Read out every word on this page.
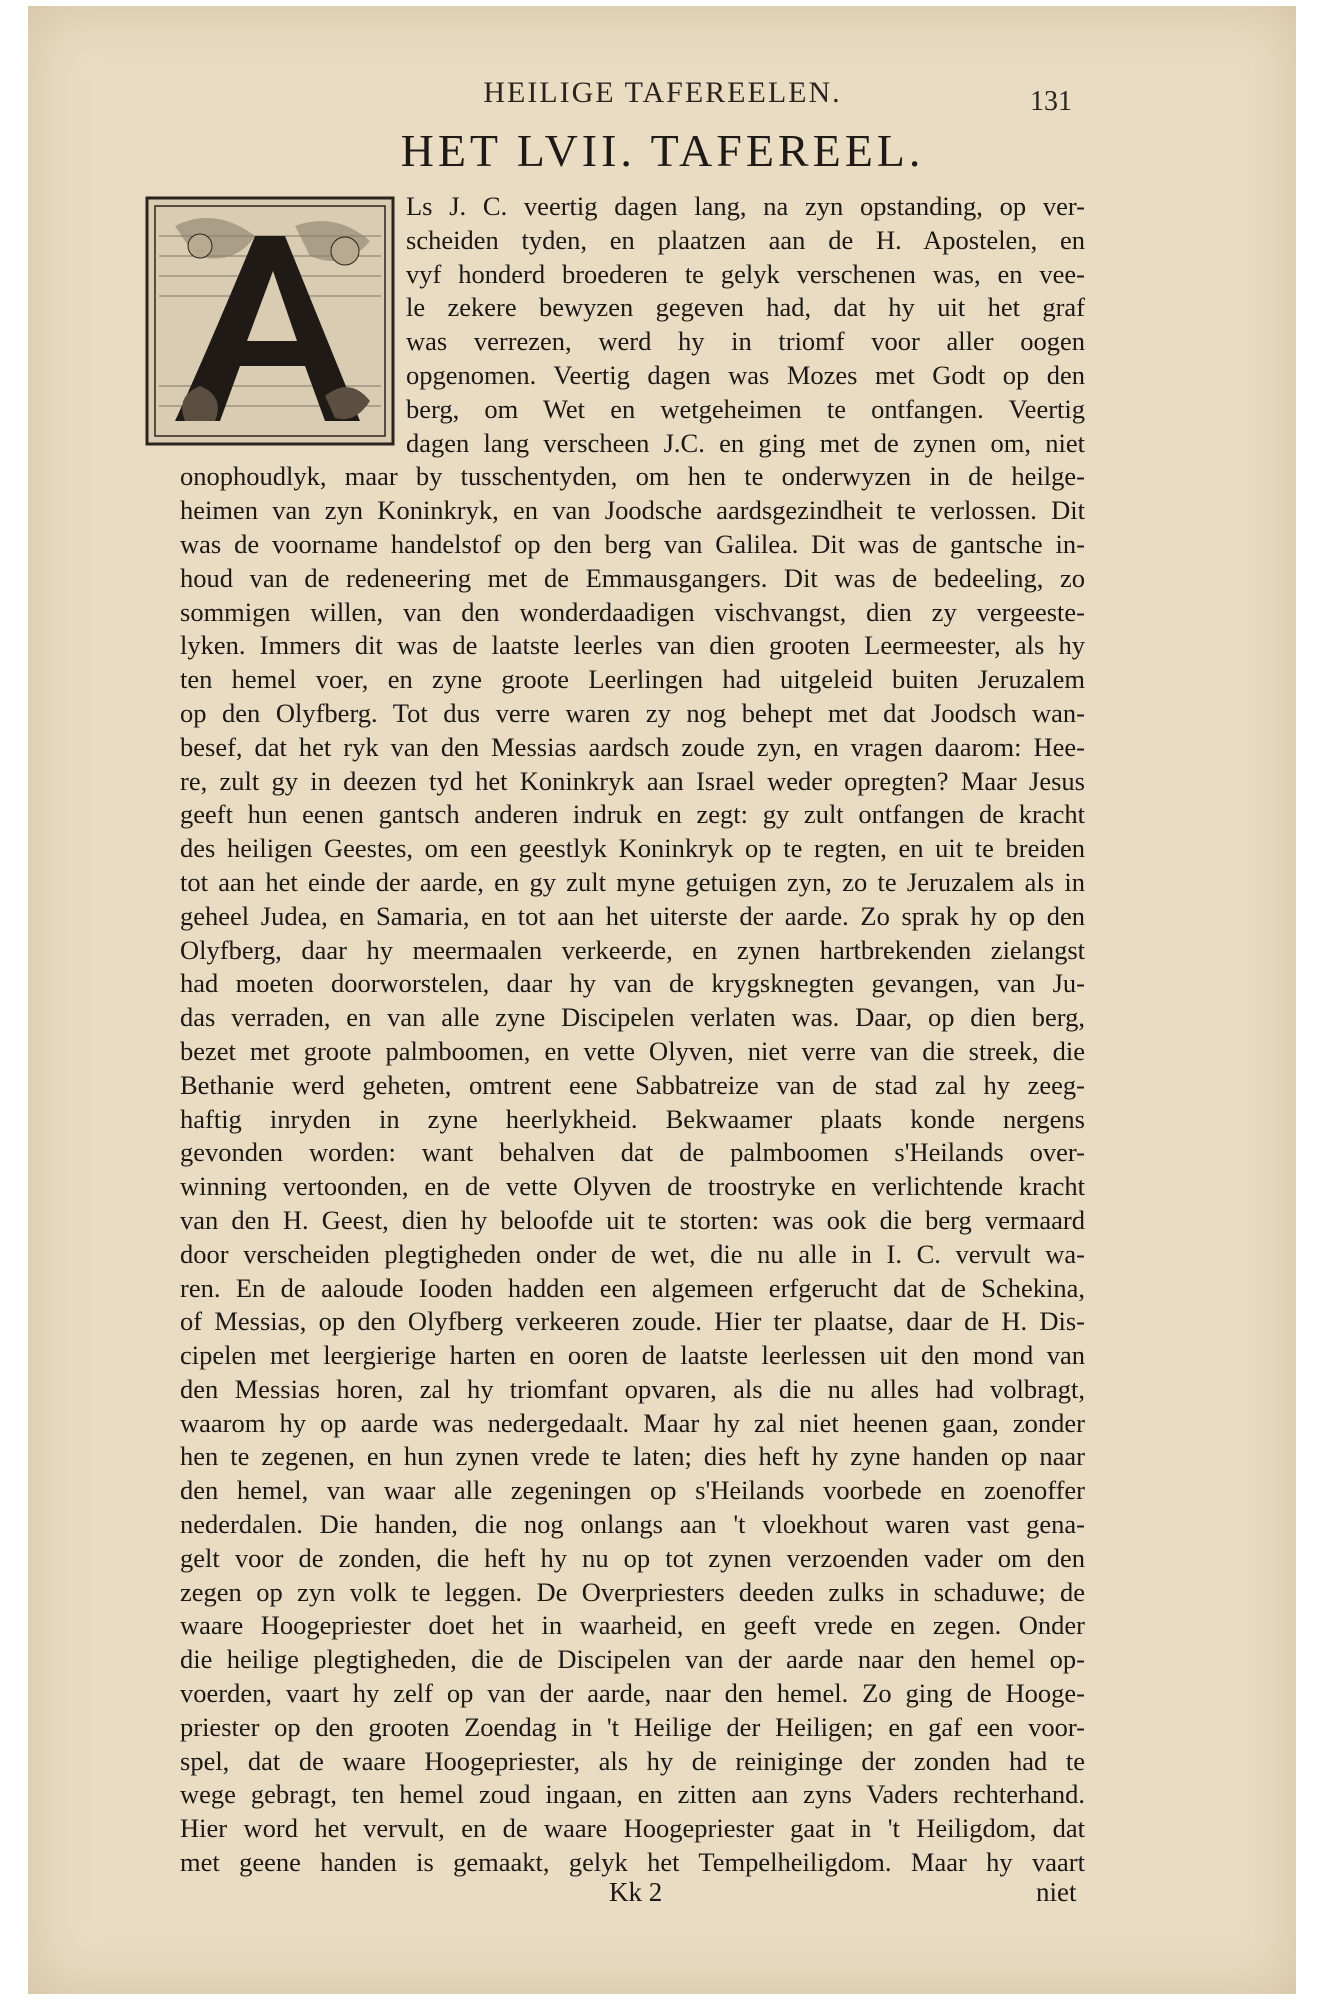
HEILIGE TAFEREELEN.	131
HET LVII. TAFEREEL.
Ls J. C. veertig dagen lang, na zyn opstanding, op ver-
scheiden tyden, en plaatzen aan de H. Apostelen, en
vyf honderd broederen te gelyk verschenen was, en vee-
le zekere bewyzen gegeven had, dat hy uit het graf
was verrezen, werd hy in triomf voor aller oogen
opgenomen. Veertig dagen was Mozes met Godt op den
berg, om Wet en wetgeheimen te ontfangen. Veertig
dagen lang verscheen J.C. en ging met de zynen om, niet
onophoudlyk, maar by tusschentyden, om hen te onderwyzen in de heilge-
heimen van zyn Koninkryk, en van Joodsche aardsgezindheit te verlossen. Dit
was de voorname handelstof op den berg van Galilea. Dit was de gantsche in-
houd van de redeneering met de Emmausgangers. Dit was de bedeeling, zo
sommigen willen, van den wonderdaadigen vischvangst, dien zy vergeeste-
lyken. Immers dit was de laatste leerles van dien grooten Leermeester, als hy
ten hemel voer, en zyne groote Leerlingen had uitgeleid buiten Jeruzalem
op den Olyfberg. Tot dus verre waren zy nog behept met dat Joodsch wan-
besef, dat het ryk van den Messias aardsch zoude zyn, en vragen daarom: Hee-
re, zult gy in deezen tyd het Koninkryk aan Israel weder opregten? Maar Jesus
geeft hun eenen gantsch anderen indruk en zegt: gy zult ontfangen de kracht
des heiligen Geestes, om een geestlyk Koninkryk op te regten, en uit te breiden
tot aan het einde der aarde, en gy zult myne getuigen zyn, zo te Jeruzalem als in
geheel Judea, en Samaria, en tot aan het uiterste der aarde. Zo sprak hy op den
Olyfberg, daar hy meermaalen verkeerde, en zynen hartbrekenden zielangst
had moeten doorworstelen, daar hy van de krygsknegten gevangen, van Ju-
das verraden, en van alle zyne Discipelen verlaten was. Daar, op dien berg,
bezet met groote palmboomen, en vette Olyven, niet verre van die streek, die
Bethanie werd geheten, omtrent eene Sabbatreize van de stad zal hy zeeg-
haftig inryden in zyne heerlykheid. Bekwaamer plaats konde nergens
gevonden worden: want behalven dat de palmboomen s'Heilands over-
winning vertoonden, en de vette Olyven de troostryke en verlichtende kracht
van den H. Geest, dien hy beloofde uit te storten: was ook die berg vermaard
door verscheiden plegtigheden onder de wet, die nu alle in I. C. vervult wa-
ren. En de aaloude Iooden hadden een algemeen erfgerucht dat de Schekina,
of Messias, op den Olyfberg verkeeren zoude. Hier ter plaatse, daar de H. Dis-
cipelen met leergierige harten en ooren de laatste leerlessen uit den mond van
den Messias horen, zal hy triomfant opvaren, als die nu alles had volbragt,
waarom hy op aarde was nedergedaalt. Maar hy zal niet heenen gaan, zonder
hen te zegenen, en hun zynen vrede te laten; dies heft hy zyne handen op naar
den hemel, van waar alle zegeningen op s'Heilands voorbede en zoenoffer
nederdalen. Die handen, die nog onlangs aan 't vloekhout waren vast gena-
gelt voor de zonden, die heft hy nu op tot zynen verzoenden vader om den
zegen op zyn volk te leggen. De Overpriesters deeden zulks in schaduwe; de
waare Hoogepriester doet het in waarheid, en geeft vrede en zegen. Onder
die heilige plegtigheden, die de Discipelen van der aarde naar den hemel op-
voerden, vaart hy zelf op van der aarde, naar den hemel. Zo ging de Hooge-
priester op den grooten Zoendag in 't Heilige der Heiligen; en gaf een voor-
spel, dat de waare Hoogepriester, als hy de reiniginge der zonden had te
wege gebragt, ten hemel zoud ingaan, en zitten aan zyns Vaders rechterhand.
Hier word het vervult, en de waare Hoogepriester gaat in 't Heiligdom, dat
met geene handen is gemaakt, gelyk het Tempelheiligdom. Maar hy vaart
Kk 2	niet
